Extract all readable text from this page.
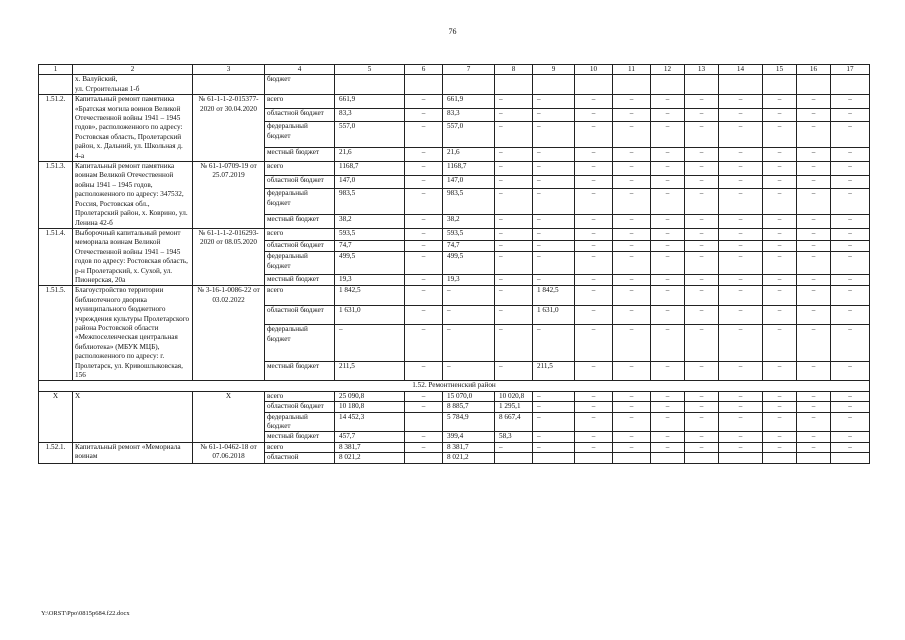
76
1	2	3	4	5	6	7	8	9	10	11	12	13	14	15	16	17
	х. Валуйский,
ул. Строительная 1-б		бюджет													
1.51.2.	Капитальный ремонт памятника «Братская могила воинов Великой Отечественной войны 1941 – 1945 годов», расположенного по адресу: Ростовская область, Пролетарский район, х. Дальний, ул. Школьная д. 4-а	№ 61-1-1-2-015377-2020 от 30.04.2020	всего	661,9	–	661,9	–	–	–	–	–	–	–	–	–	–
			областной бюджет	83,3	–	83,3	–	–	–	–	–	–	–	–	–	–
			федеральный бюджет	557,0	–	557,0	–	–	–	–	–	–	–	–	–	–
			местный бюджет	21,6	–	21,6	–	–	–	–	–	–	–	–	–	–
1.51.3.	Капитальный ремонт памятника воинам Великой Отечественной войны 1941 – 1945 годов, расположенного по адресу: 347532, Россия, Ростовская обл., Пролетарский район, х. Коврино, ул. Ленина 42-б	№ 61-1-0709-19 от 25.07.2019	всего	1168,7	–	1168,7	–	–	–	–	–	–	–	–	–	–
			областной бюджет	147,0	–	147,0	–	–	–	–	–	–	–	–	–	–
			федеральный бюджет	983,5	–	983,5	–	–	–	–	–	–	–	–	–	–
			местный бюджет	38,2	–	38,2	–	–	–	–	–	–	–	–	–	–
1.51.4.	Выборочный капитальный ремонт мемориала воинам Великой Отечественной войны 1941 – 1945 годов по адресу: Ростовская область, р-н Пролетарский, х. Сухой, ул. Пионерская, 20а	№ 61-1-1-2-016293-2020 от 08.05.2020	всего	593,5	–	593,5	–	–	–	–	–	–	–	–	–	–
			областной бюджет	74,7	–	74,7	–	–	–	–	–	–	–	–	–	–
			федеральный бюджет	499,5	–	499,5	–	–	–	–	–	–	–	–	–	–
			местный бюджет	19,3	–	19,3	–	–	–	–	–	–	–	–	–	–
1.51.5.	Благоустройство территории библиотечного дворика муниципального бюджетного учреждения культуры Пролетарского района Ростовской области «Межпоселенческая центральная библиотека» (МБУК МЦБ), расположенного по адресу: г. Пролетарск, ул. Кривошлыковская, 156	№ 3-16-1-0086-22 от 03.02.2022	всего	1 842,5	–	–	–	1 842,5	–	–	–	–	–	–	–	–
			областной бюджет	1 631,0	–	–	–	1 631,0	–	–	–	–	–	–	–	–
			федеральный бюджет	–	–	–	–	–	–	–	–	–	–	–	–	–
			местный бюджет	211,5	–	–	–	211,5	–	–	–	–	–	–	–	–
1.52. Ремонтненский район																
Х	Х	Х	всего	25 090,8	–	15 070,0	10 020,8	–	–	–	–	–	–	–	–	–
			областной бюджет	10 180,8	–	8 885,7	1 295,1	–	–	–	–	–	–	–	–	–
			федеральный бюджет	14 452,3		5 784,9	8 667,4	–	–	–	–	–	–	–	–	–
			местный бюджет	457,7	–	399,4	58,3	–	–	–	–	–	–	–	–	–
1.52.1.	Капитальный ремонт «Мемориала воинам	№ 61-1-0462-18 от 07.06.2018	всего	8 381,7	–	8 381,7	–	–	–	–	–	–	–	–	–	–
			областной	8 021,2		8 021,2										
Y:\ORST\Ppo\0815p684.f22.docx
